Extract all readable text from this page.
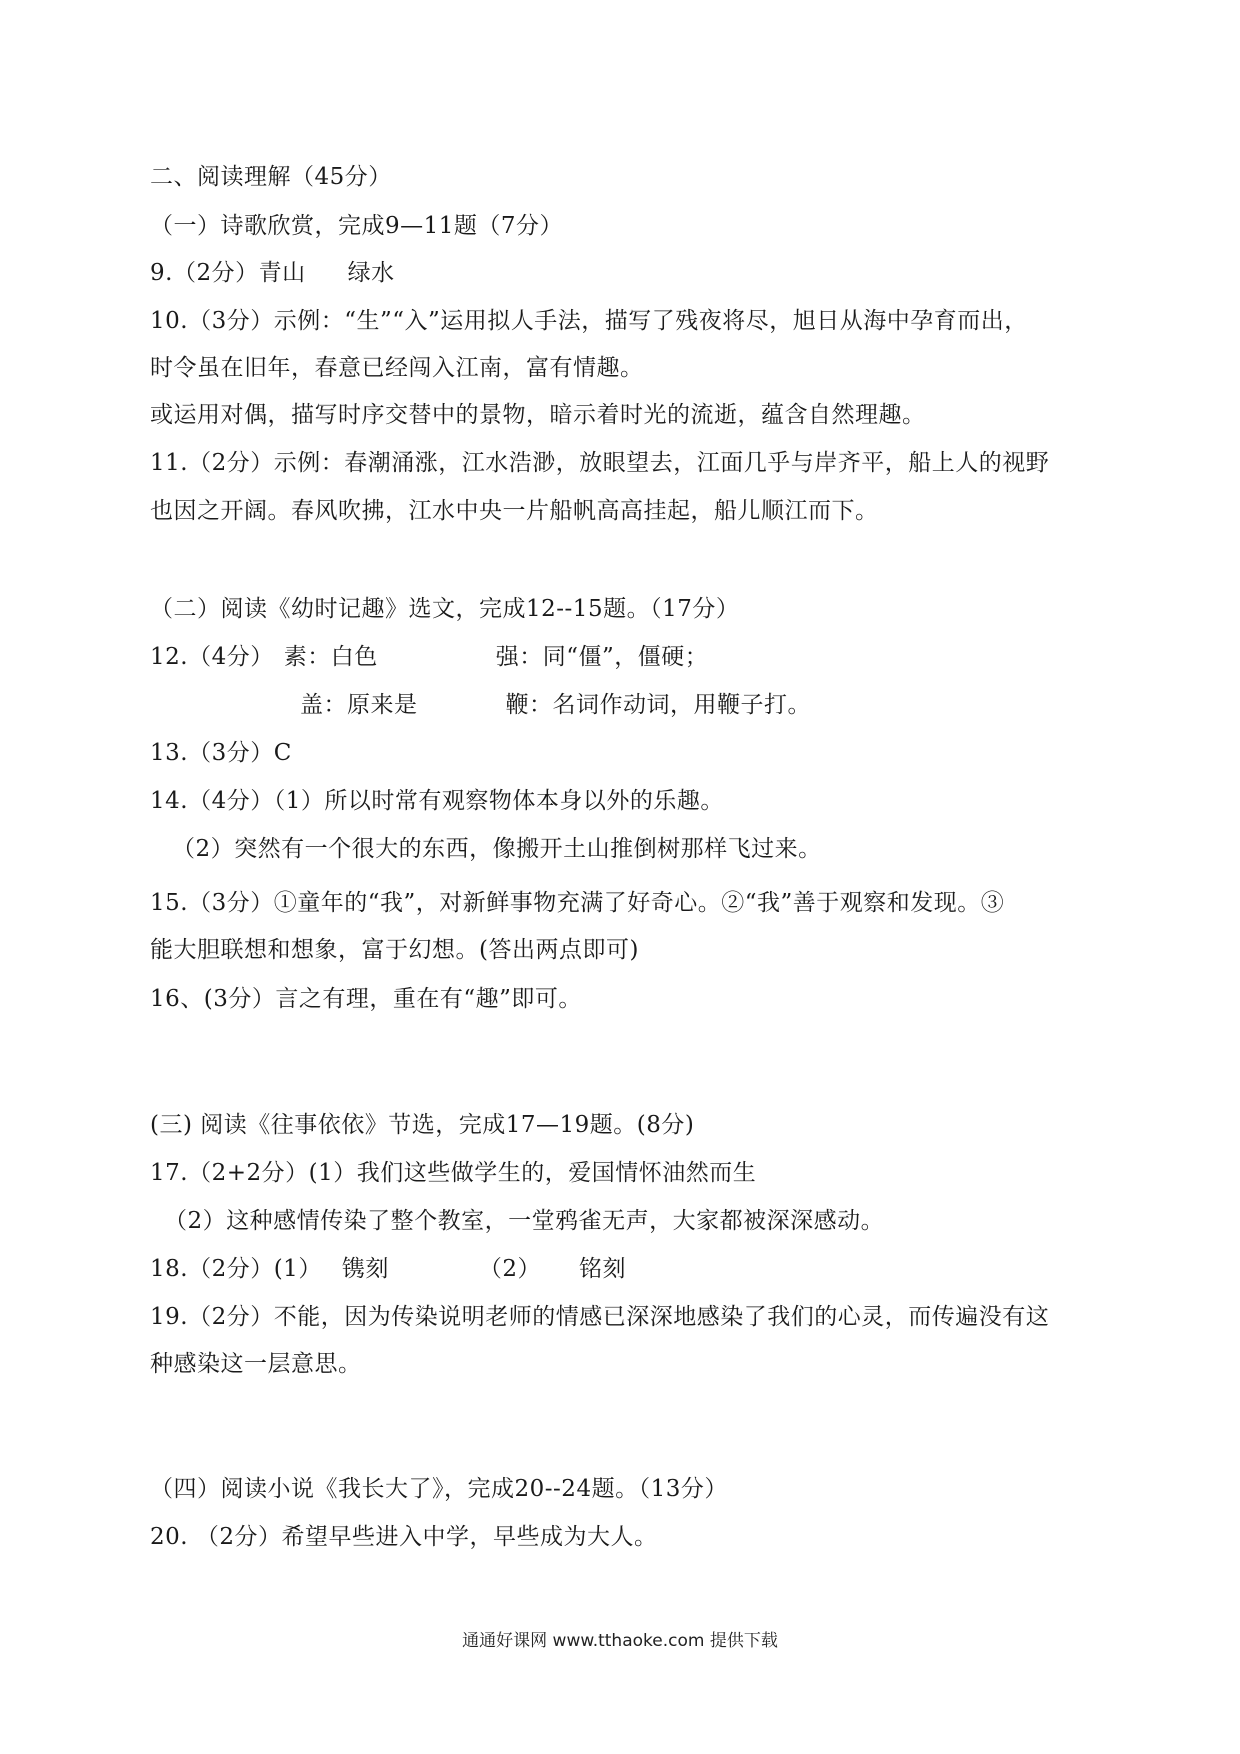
二、阅读理解（45分）
（一）诗歌欣赏，完成9—11题（7分）
9.（2分）青山 绿水
10.（3分）示例：“生”“入”运用拟人手法，描写了残夜将尽，旭日从海中孕育而出，
时令虽在旧年，春意已经闯入江南，富有情趣。
或运用对偶，描写时序交替中的景物，暗示着时光的流逝，蕴含自然理趣。
11.（2分）示例：春潮涌涨，江水浩渺，放眼望去，江面几乎与岸齐平，船上人的视野
也因之开阔。春风吹拂，江水中央一片船帆高高挂起，船儿顺江而下。
（二）阅读《幼时记趣》选文，完成12--15题。（17分）
12.（4分） 素：白色	强：同“僵”，僵硬；
盖：原来是	鞭：名词作动词，用鞭子打。
13.（3分）C
14.（4分）（1）所以时常有观察物体本身以外的乐趣。
（2）突然有一个很大的东西，像搬开土山推倒树那样飞过来。
15.（3分）①童年的“我”，对新鲜事物充满了好奇心。②“我”善于观察和发现。③
能大胆联想和想象，富于幻想。(答出两点即可)
16、(3分）言之有理，重在有“趣”即可。
(三) 阅读《往事依依》节选，完成17—19题。(8分)
17.（2+2分）(1）我们这些做学生的，爱国情怀油然而生
（2）这种感情传染了整个教室，一堂鸦雀无声，大家都被深深感动。
18.（2分）(1） 镌刻	（2） 铭刻
19.（2分）不能，因为传染说明老师的情感已深深地感染了我们的心灵，而传遍没有这
种感染这一层意思。
（四）阅读小说《我长大了》，完成20--24题。（13分）
20. （2分）希望早些进入中学，早些成为大人。
通通好课网 www.tthaoke.com 提供下载
